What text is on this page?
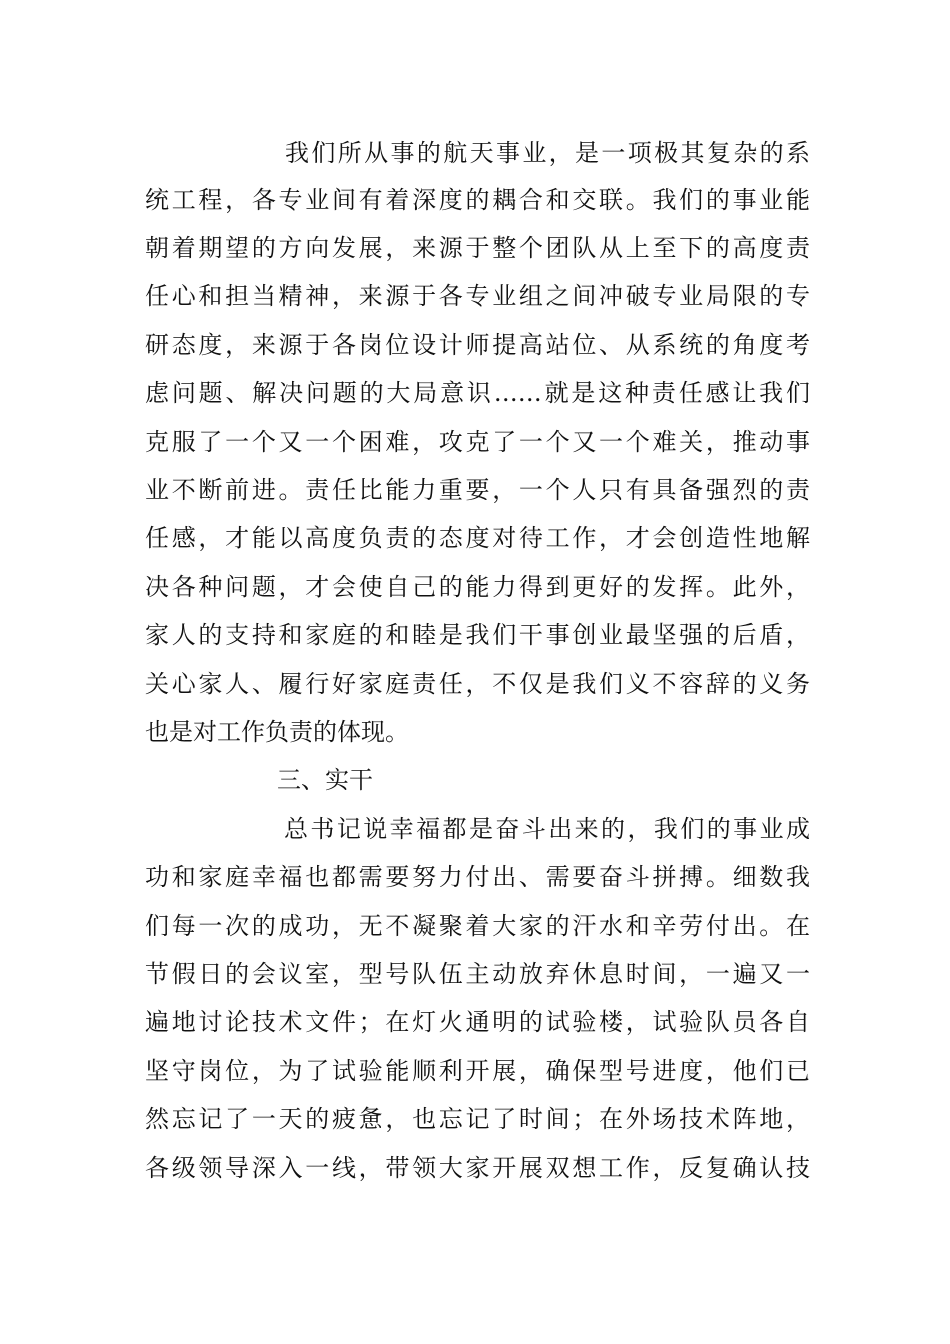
我们所从事的航天事业，是一项极其复杂的系
统工程，各专业间有着深度的耦合和交联。我们的事业能
朝着期望的方向发展，来源于整个团队从上至下的高度责
任心和担当精神，来源于各专业组之间冲破专业局限的专
研态度，来源于各岗位设计师提高站位、从系统的角度考
虑问题、解决问题的大局意识……就是这种责任感让我们
克服了一个又一个困难，攻克了一个又一个难关，推动事
业不断前进。责任比能力重要，一个人只有具备强烈的责
任感，才能以高度负责的态度对待工作，才会创造性地解
决各种问题，才会使自己的能力得到更好的发挥。此外，
家人的支持和家庭的和睦是我们干事创业最坚强的后盾，
关心家人、履行好家庭责任，不仅是我们义不容辞的义务
也是对工作负责的体现。
三、实干
总书记说幸福都是奋斗出来的，我们的事业成
功和家庭幸福也都需要努力付出、需要奋斗拼搏。细数我
们每一次的成功，无不凝聚着大家的汗水和辛劳付出。在
节假日的会议室，型号队伍主动放弃休息时间，一遍又一
遍地讨论技术文件；在灯火通明的试验楼，试验队员各自
坚守岗位，为了试验能顺利开展，确保型号进度，他们已
然忘记了一天的疲惫，也忘记了时间；在外场技术阵地，
各级领导深入一线，带领大家开展双想工作，反复确认技
